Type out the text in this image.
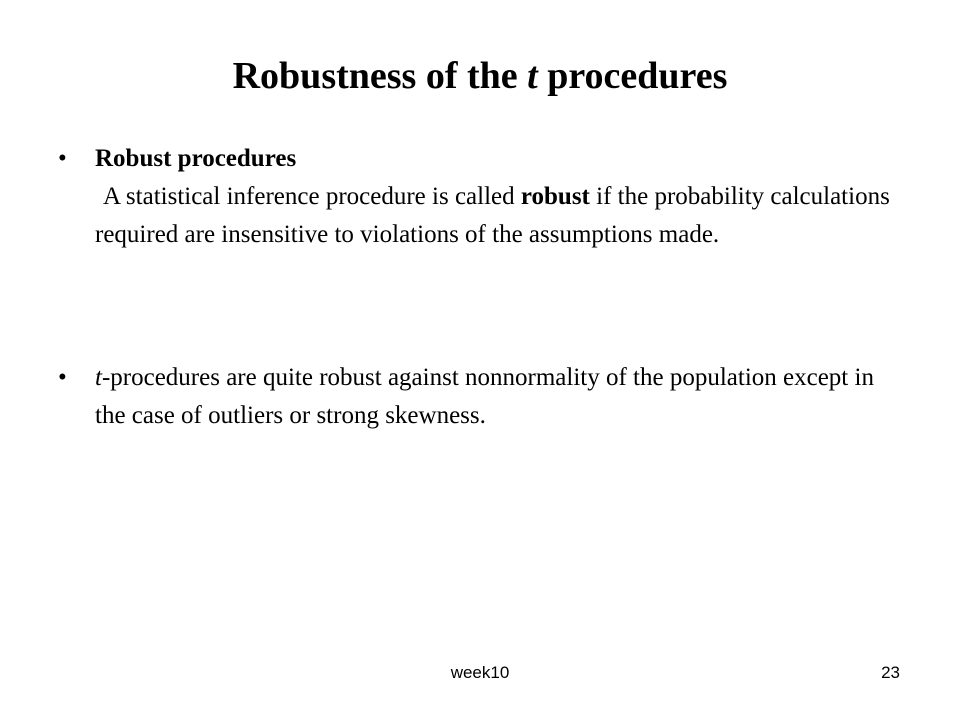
Robustness of the t procedures
•	Robust procedures
A statistical inference procedure is called robust if the probability calculations required are insensitive to violations of the assumptions made.
•	t-procedures are quite robust against nonnormality of the population except in the case of outliers or strong skewness.
week10	23
